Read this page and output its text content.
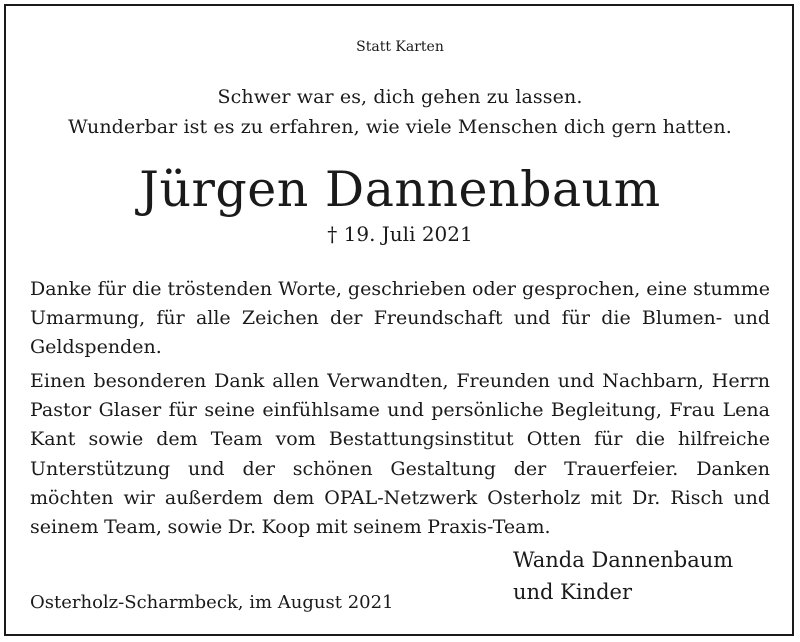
Statt Karten
Schwer war es, dich gehen zu lassen.
Wunderbar ist es zu erfahren, wie viele Menschen dich gern hatten.
Jürgen Dannenbaum
† 19. Juli 2021
Danke für die tröstenden Worte, geschrieben oder gesprochen, eine stumme Umarmung, für alle Zeichen der Freundschaft und für die Blumen- und Geldspenden.
Einen besonderen Dank allen Verwandten, Freunden und Nachbarn, Herrn Pastor Glaser für seine einfühlsame und persönliche Begleitung, Frau Lena Kant sowie dem Team vom Bestattungsinstitut Otten für die hilfreiche Unterstützung und der schönen Gestaltung der Trauerfeier. Danken möchten wir außerdem dem OPAL-Netzwerk Osterholz mit Dr. Risch und seinem Team, sowie Dr. Koop mit seinem Praxis-Team.
Wanda Dannenbaum
und Kinder
Osterholz-Scharmbeck, im August 2021
